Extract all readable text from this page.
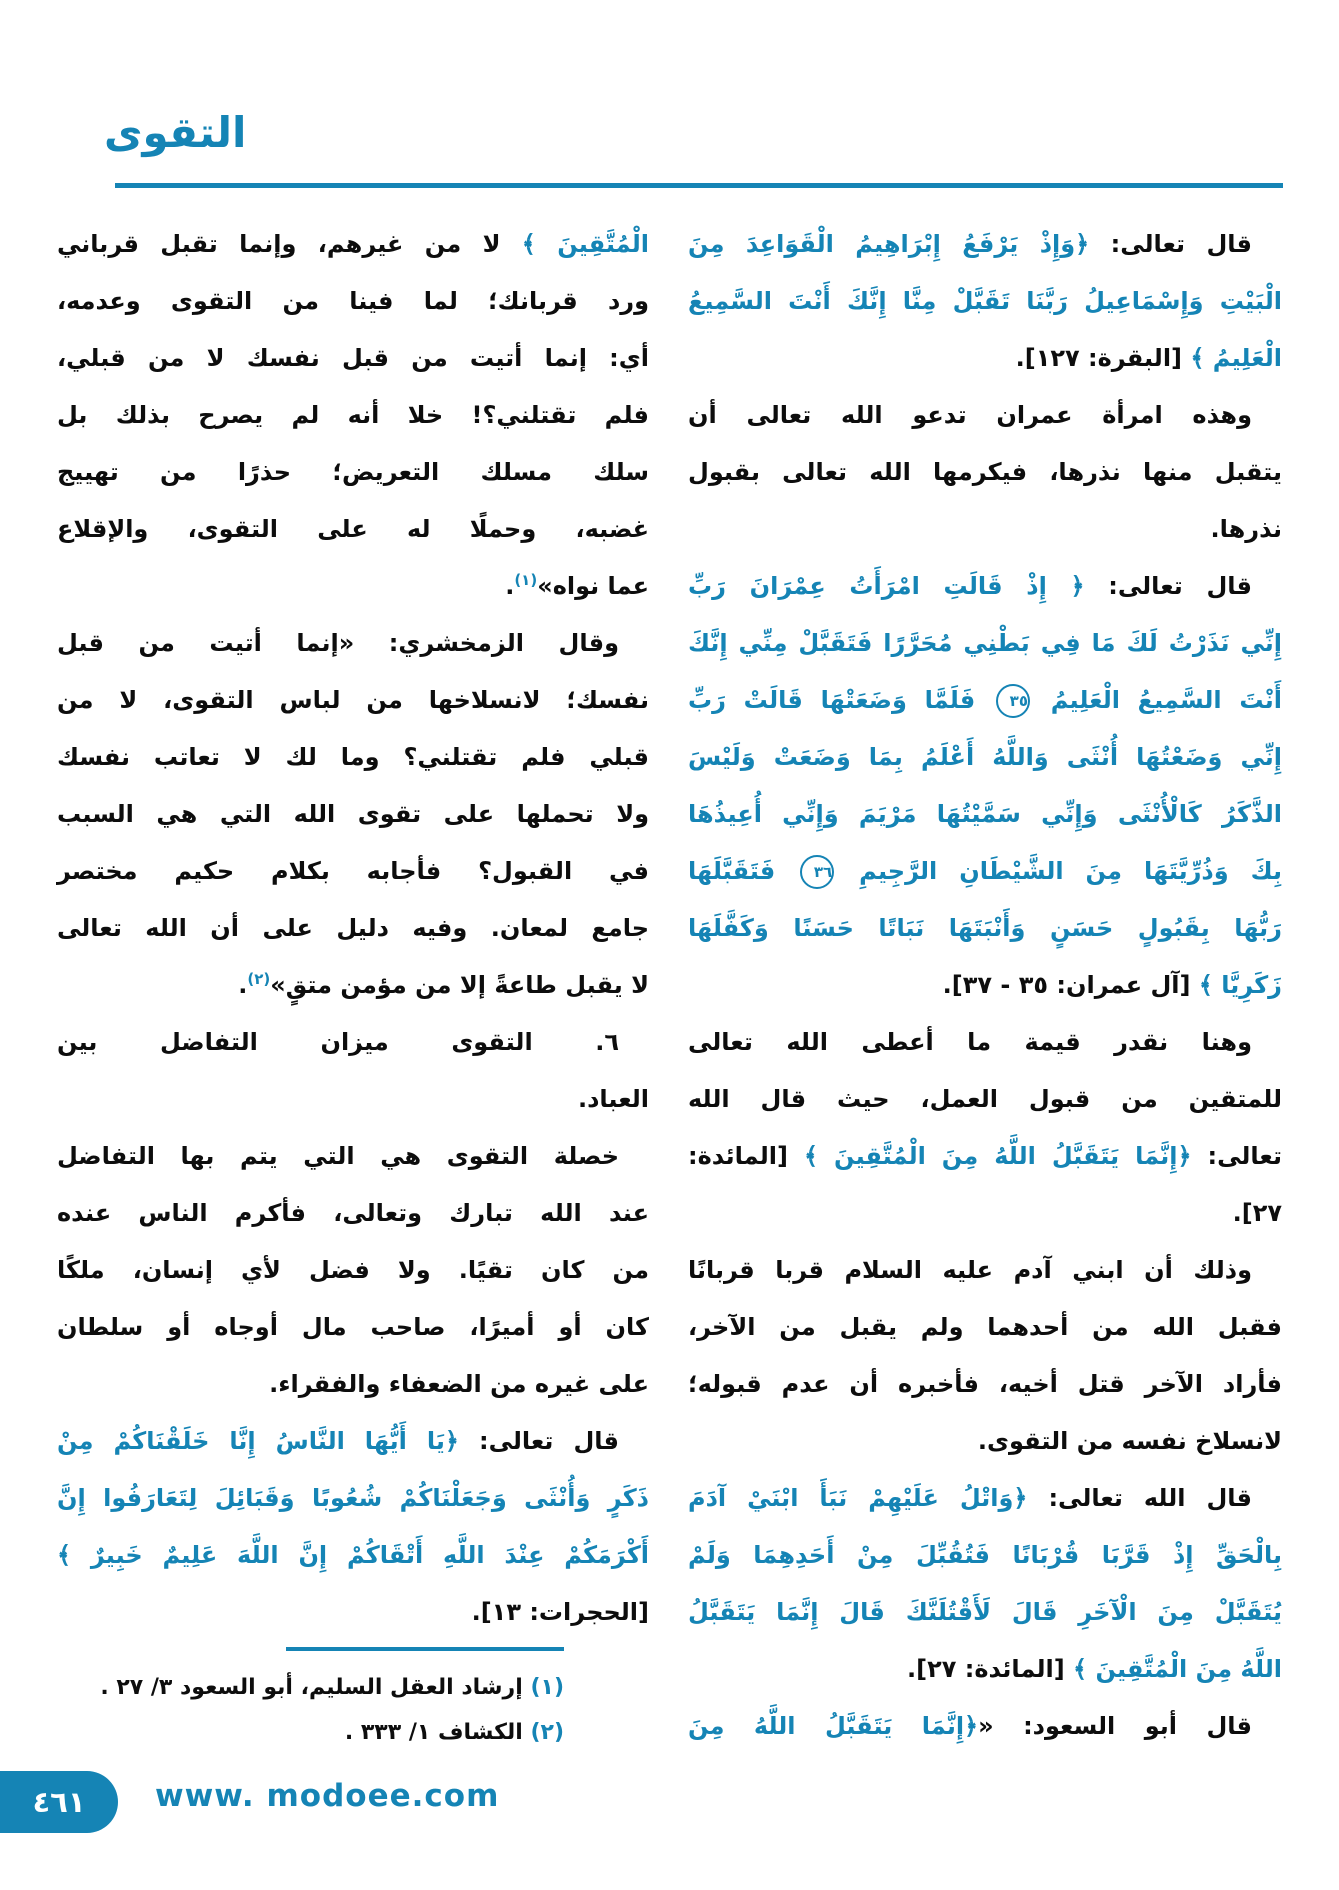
التقوى
قال تعالى: ﴿وَإِذْ يَرْفَعُ إِبْرَاهِيمُ الْقَوَاعِدَ مِنَ
الْبَيْتِ وَإِسْمَاعِيلُ رَبَّنَا تَقَبَّلْ مِنَّا إِنَّكَ أَنْتَ السَّمِيعُ
الْعَلِيمُ ﴾ [البقرة: ١٢٧].
وهذه امرأة عمران تدعو الله تعالى أن
يتقبل منها نذرها، فيكرمها الله تعالى بقبول
نذرها.
قال تعالى: ﴿ إِذْ قَالَتِ امْرَأَتُ عِمْرَانَ رَبِّ
إِنِّي نَذَرْتُ لَكَ مَا فِي بَطْنِي مُحَرَّرًا فَتَقَبَّلْ مِنِّي إِنَّكَ
أَنْتَ السَّمِيعُ الْعَلِيمُ ٣٥ فَلَمَّا وَضَعَتْهَا قَالَتْ رَبِّ
إِنِّي وَضَعْتُهَا أُنْثَى وَاللَّهُ أَعْلَمُ بِمَا وَضَعَتْ وَلَيْسَ
الذَّكَرُ كَالْأُنْثَى وَإِنِّي سَمَّيْتُهَا مَرْيَمَ وَإِنِّي أُعِيذُهَا
بِكَ وَذُرِّيَّتَهَا مِنَ الشَّيْطَانِ الرَّجِيمِ ٣٦ فَتَقَبَّلَهَا
رَبُّهَا بِقَبُولٍ حَسَنٍ وَأَنْبَتَهَا نَبَاتًا حَسَنًا وَكَفَّلَهَا
زَكَرِيَّا ﴾ [آل عمران: ٣٥ - ٣٧].
وهنا نقدر قيمة ما أعطى الله تعالى
للمتقين من قبول العمل، حيث قال الله
تعالى: ﴿إِنَّمَا يَتَقَبَّلُ اللَّهُ مِنَ الْمُتَّقِينَ ﴾ [المائدة:
٢٧].
وذلك أن ابني آدم عليه السلام قربا قربانًا
فقبل الله من أحدهما ولم يقبل من الآخر،
فأراد الآخر قتل أخيه، فأخبره أن عدم قبوله؛
لانسلاخ نفسه من التقوى.
قال الله تعالى: ﴿وَاتْلُ عَلَيْهِمْ نَبَأَ ابْنَيْ آدَمَ
بِالْحَقِّ إِذْ قَرَّبَا قُرْبَانًا فَتُقُبِّلَ مِنْ أَحَدِهِمَا وَلَمْ
يُتَقَبَّلْ مِنَ الْآخَرِ قَالَ لَأَقْتُلَنَّكَ قَالَ إِنَّمَا يَتَقَبَّلُ
اللَّهُ مِنَ الْمُتَّقِينَ ﴾ [المائدة: ٢٧].
قال أبو السعود: «﴿إِنَّمَا يَتَقَبَّلُ اللَّهُ مِنَ
الْمُتَّقِينَ ﴾ لا من غيرهم، وإنما تقبل قرباني
ورد قربانك؛ لما فينا من التقوى وعدمه،
أي: إنما أتيت من قبل نفسك لا من قبلي،
فلم تقتلني؟! خلا أنه لم يصرح بذلك بل
سلك مسلك التعريض؛ حذرًا من تهييج
غضبه، وحملًا له على التقوى، والإقلاع
عما نواه»$^{(١)}$.
وقال الزمخشري: «إنما أتيت من قبل
نفسك؛ لانسلاخها من لباس التقوى، لا من
قبلي فلم تقتلني؟ وما لك لا تعاتب نفسك
ولا تحملها على تقوى الله التي هي السبب
في القبول؟ فأجابه بكلام حكيم مختصر
جامع لمعان. وفيه دليل على أن الله تعالى
لا يقبل طاعةً إلا من مؤمن متقٍ»$^{(٢)}$.
٦. التقوى ميزان التفاضل بين
العباد.
خصلة التقوى هي التي يتم بها التفاضل
عند الله تبارك وتعالى، فأكرم الناس عنده
من كان تقيًا. ولا فضل لأي إنسان، ملكًا
كان أو أميرًا، صاحب مال أوجاه أو سلطان
على غيره من الضعفاء والفقراء.
قال تعالى: ﴿يَا أَيُّهَا النَّاسُ إِنَّا خَلَقْنَاكُمْ مِنْ
ذَكَرٍ وَأُنْثَى وَجَعَلْنَاكُمْ شُعُوبًا وَقَبَائِلَ لِتَعَارَفُوا إِنَّ
أَكْرَمَكُمْ عِنْدَ اللَّهِ أَتْقَاكُمْ إِنَّ اللَّهَ عَلِيمٌ خَبِيرٌ ﴾
[الحجرات: ١٣].
(١) إرشاد العقل السليم، أبو السعود ٣/ ٢٧ .
(٢) الكشاف ١/ ٣٣٣ .
٤٦١	www. modoee.com
